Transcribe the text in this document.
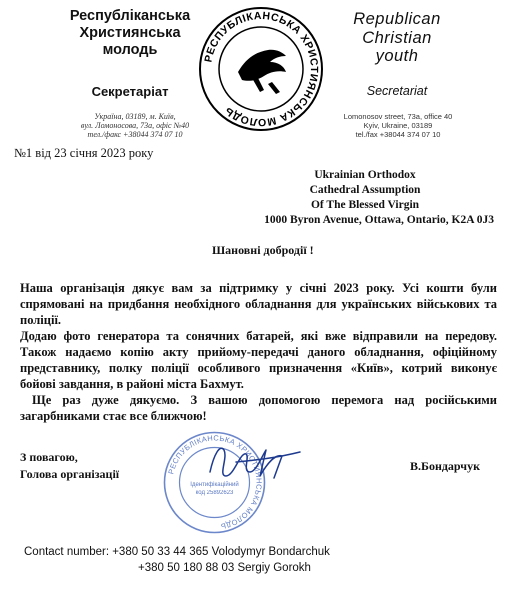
Республіканська
Християнська
молодь
Секретаріат
Україна, 03189, м. Київ,
вул. Ломоносова, 73а, офіс №40
тел./факс +38044 374 07 10
РЕСПУБЛІКАНСЬКА ХРИСТИЯНСЬКА МОЛОДЬ
Republican
Christian
youth
Secretariat
Lomonosov street, 73a, office 40
Kyiv, Ukraine, 03189
tel./fax +38044 374 07 10
№1 від 23 січня 2023 року
Ukrainian Orthodox
Cathedral Assumption
Of The Blessed Virgin
1000 Byron Avenue, Ottawa, Ontario, K2A 0J3
Шановні добродії !

Наша організація дякує вам за підтримку у січні 2023 року. Усі кошти були спрямовані на придбання необхідного обладнання для українських військових та поліції.

Додаю фото генератора та сонячних батарей, які вже відправили на передову. Також надаємо копію акту прийому-передачі даного обладнання, офіційному представнику, полку поліції особливого призначення «Київ», котрий виконує бойові завдання, в районі міста Бахмут.

Ще раз дуже дякуємо. З вашою допомогою перемога над російськими загарбниками стає все ближчою!

РЕСПУБЛІКАНСЬКА ХРИСТИЯНСЬКА МОЛОДЬ
Ідентифікаційний
код 25892623
З повагою,
Голова організації
В.Бондарчук
Contact number: +380 50 33 44 365 Volodymyr Bondarchuk
+380 50 180 88 03 Sergiy Gorokh
